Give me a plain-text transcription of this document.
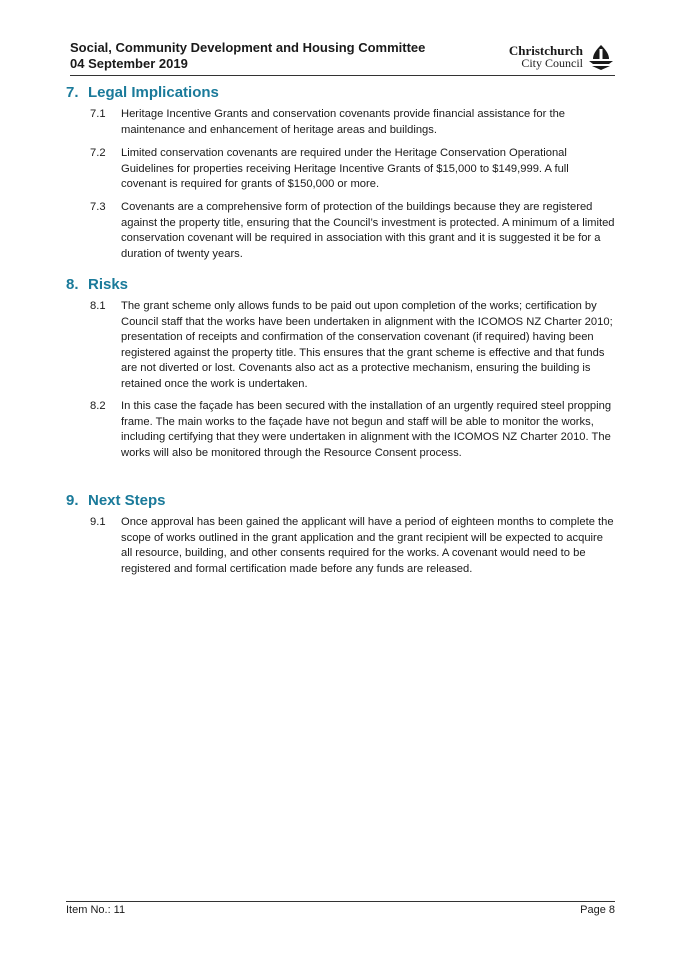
Social, Community Development and Housing Committee
04 September 2019
Christchurch
City Council
7. Legal Implications
7.1	Heritage Incentive Grants and conservation covenants provide financial assistance for the maintenance and enhancement of heritage areas and buildings.
7.2	Limited conservation covenants are required under the Heritage Conservation Operational Guidelines for properties receiving Heritage Incentive Grants of $15,000 to $149,999. A full covenant is required for grants of $150,000 or more.
7.3	Covenants are a comprehensive form of protection of the buildings because they are registered against the property title, ensuring that the Council’s investment is protected. A minimum of a limited conservation covenant will be required in association with this grant and it is suggested it be for a duration of twenty years.
8. Risks
8.1	The grant scheme only allows funds to be paid out upon completion of the works; certification by Council staff that the works have been undertaken in alignment with the ICOMOS NZ Charter 2010; presentation of receipts and confirmation of the conservation covenant (if required) having been registered against the property title. This ensures that the grant scheme is effective and that funds are not diverted or lost. Covenants also act as a protective mechanism, ensuring the building is retained once the work is undertaken.
8.2	In this case the façade has been secured with the installation of an urgently required steel propping frame. The main works to the façade have not begun and staff will be able to monitor the works, including certifying that they were undertaken in alignment with the ICOMOS NZ Charter 2010. The works will also be monitored through the Resource Consent process.
9. Next Steps
9.1	Once approval has been gained the applicant will have a period of eighteen months to complete the scope of works outlined in the grant application and the grant recipient will be expected to acquire all resource, building, and other consents required for the works. A covenant would need to be registered and formal certification made before any funds are released.
Item No.: 11	Page 8
